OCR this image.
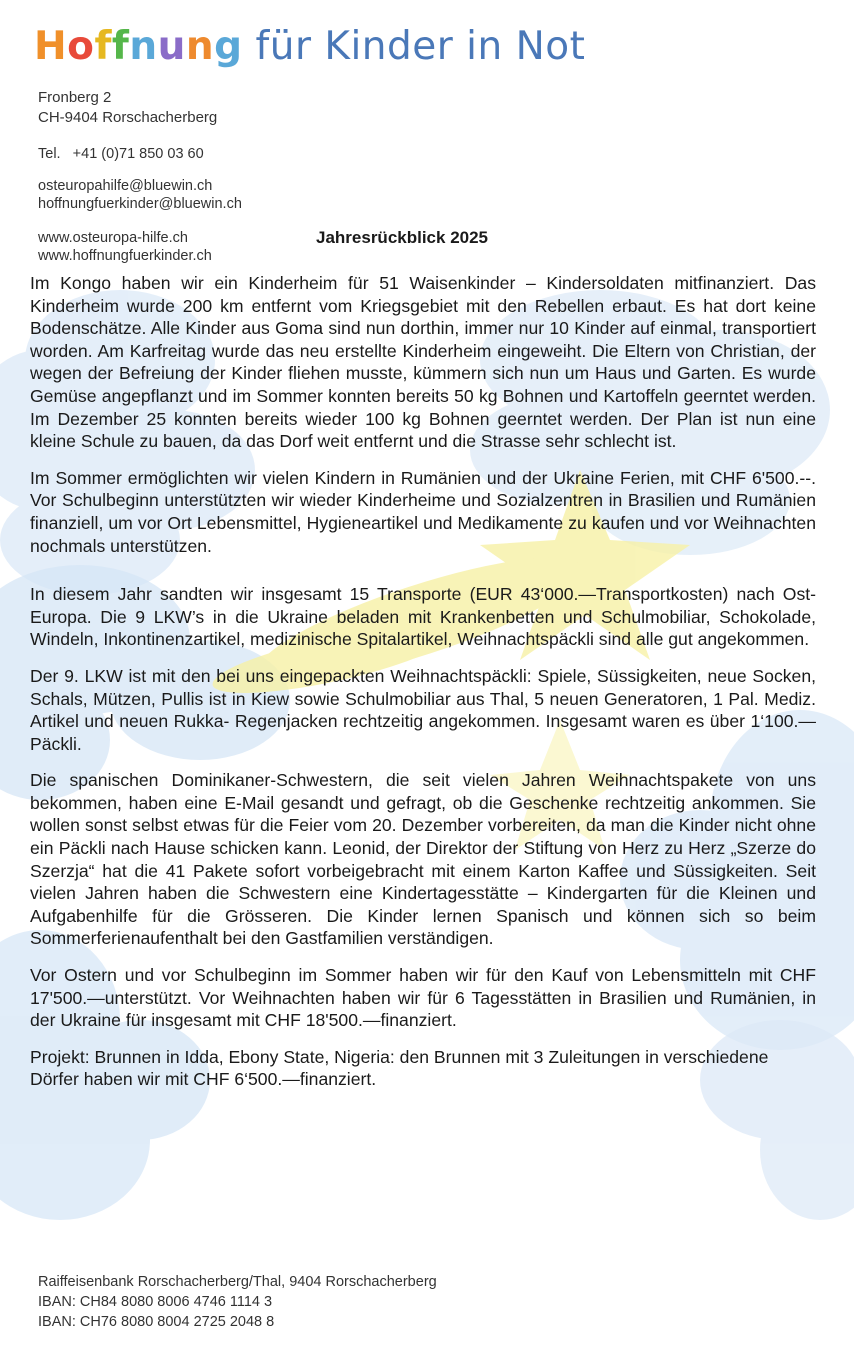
Hoffnung für Kinder in Not
Fronberg 2
CH-9404 Rorschacherberg
Tel. +41 (0)71 850 03 60
osteuropahilfe@bluewin.ch
hoffnungfuerkinder@bluewin.ch
www.osteuropa-hilfe.ch
www.hoffnungfuerkinder.ch
Jahresrückblick 2025

Im Kongo haben wir ein Kinderheim für 51 Waisenkinder – Kindersoldaten mitfinanziert. Das Kinderheim wurde 200 km entfernt vom Kriegsgebiet mit den Rebellen erbaut. Es hat dort keine Bodenschätze. Alle Kinder aus Goma sind nun dorthin, immer nur 10 Kinder auf einmal, transportiert worden. Am Karfreitag wurde das neu erstellte Kinderheim eingeweiht. Die Eltern von Christian, der wegen der Befreiung der Kinder fliehen musste, kümmern sich nun um Haus und Garten. Es wurde Gemüse angepflanzt und im Sommer konnten bereits 50 kg Bohnen und Kartoffeln geerntet werden. Im Dezember 25 konnten bereits wieder 100 kg Bohnen geerntet werden. Der Plan ist nun eine kleine Schule zu bauen, da das Dorf weit entfernt und die Strasse sehr schlecht ist.

Im Sommer ermöglichten wir vielen Kindern in Rumänien und der Ukraine Ferien, mit CHF 6'500.--. Vor Schulbeginn unterstützten wir wieder Kinderheime und Sozialzentren in Brasilien und Rumänien finanziell, um vor Ort Lebensmittel, Hygieneartikel und Medikamente zu kaufen und vor Weihnachten nochmals unterstützen.

In diesem Jahr sandten wir insgesamt 15 Transporte (EUR 43‘000.—Transportkosten) nach Ost-Europa. Die 9 LKW’s in die Ukraine beladen mit Krankenbetten und Schulmobiliar, Schokolade, Windeln, Inkontinenzartikel, medizinische Spitalartikel, Weihnachtspäckli sind alle gut angekommen.

Der 9. LKW ist mit den bei uns eingepackten Weihnachtspäckli: Spiele, Süssigkeiten, neue Socken, Schals, Mützen, Pullis ist in Kiew sowie Schulmobiliar aus Thal, 5 neuen Generatoren, 1 Pal. Mediz. Artikel und neuen Rukka- Regenjacken rechtzeitig angekommen. Insgesamt waren es über 1‘100.—Päckli.

Die spanischen Dominikaner-Schwestern, die seit vielen Jahren Weihnachtspakete von uns bekommen, haben eine E-Mail gesandt und gefragt, ob die Geschenke rechtzeitig ankommen. Sie wollen sonst selbst etwas für die Feier vom 20. Dezember vorbereiten, da man die Kinder nicht ohne ein Päckli nach Hause schicken kann. Leonid, der Direktor der Stiftung von Herz zu Herz „Szerze do Szerzja“ hat die 41 Pakete sofort vorbeigebracht mit einem Karton Kaffee und Süssigkeiten. Seit vielen Jahren haben die Schwestern eine Kindertagesstätte – Kindergarten für die Kleinen und Aufgabenhilfe für die Grösseren. Die Kinder lernen Spanisch und können sich so beim Sommerferienaufenthalt bei den Gastfamilien verständigen.

Vor Ostern und vor Schulbeginn im Sommer haben wir für den Kauf von Lebensmitteln mit CHF 17'500.—unterstützt. Vor Weihnachten haben wir für 6 Tagesstätten in Brasilien und Rumänien, in der Ukraine für insgesamt mit CHF 18'500.—finanziert.

Projekt: Brunnen in Idda, Ebony State, Nigeria: den Brunnen mit 3 Zuleitungen in verschiedene Dörfer haben wir mit CHF 6‘500.—finanziert.

Raiffeisenbank Rorschacherberg/Thal, 9404 Rorschacherberg
IBAN: CH84 8080 8006 4746 1114 3
IBAN: CH76 8080 8004 2725 2048 8
